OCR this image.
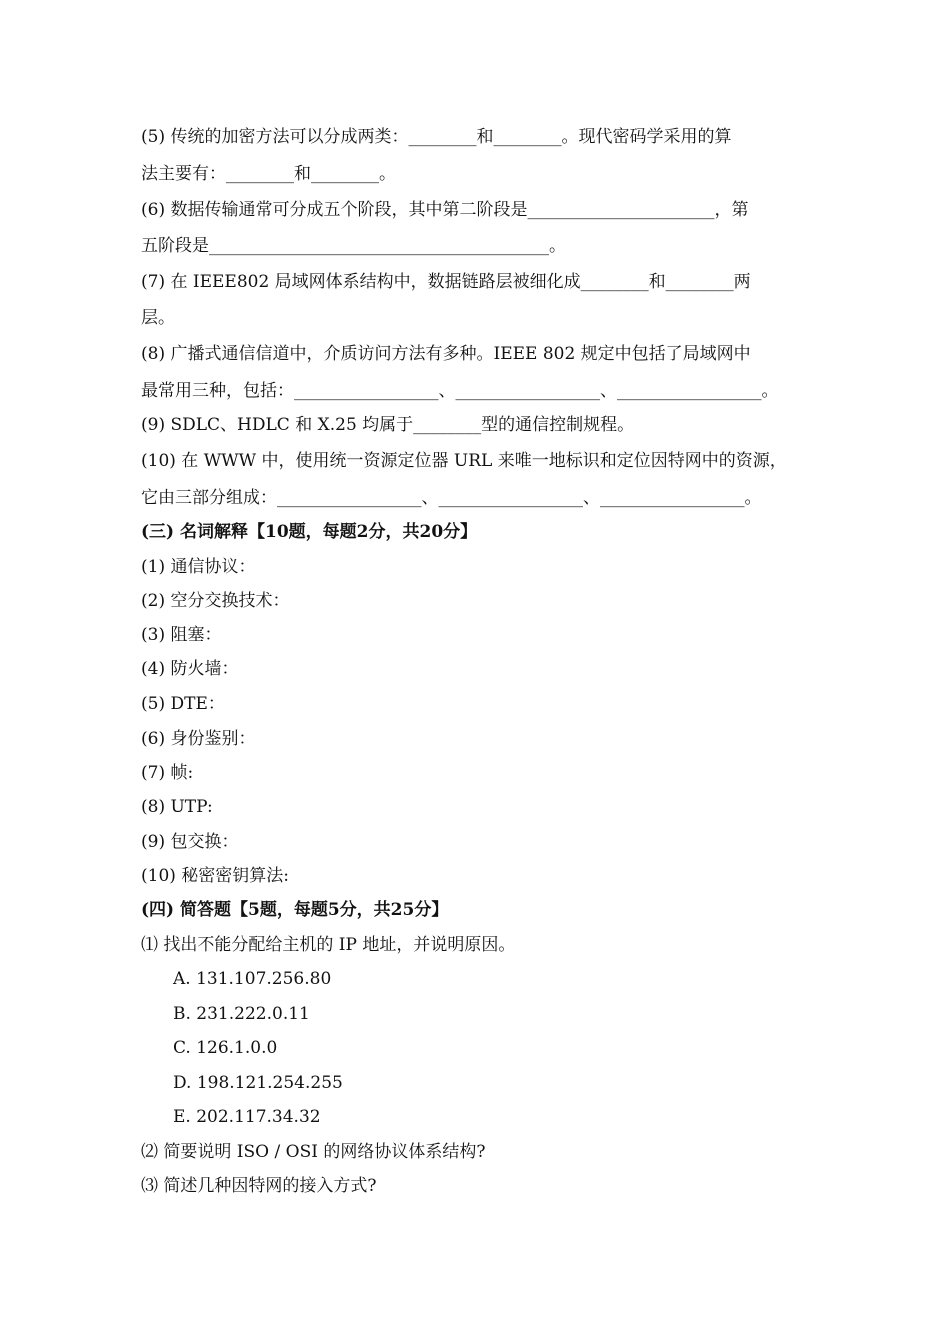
(5) 传统的加密方法可以分成两类：________和________。现代密码学采用的算

法主要有：________和________。

(6) 数据传输通常可分成五个阶段，其中第二阶段是______________________，第

五阶段是________________________________________。

(7) 在 IEEE802 局域网体系结构中，数据链路层被细化成________和________两

层。

(8) 广播式通信信道中，介质访问方法有多种。IEEE 802 规定中包括了局域网中

最常用三种，包括：_________________、_________________、_________________。

(9) SDLC、HDLC 和 X.25 均属于________型的通信控制规程。

(10) 在 WWW 中，使用统一资源定位器 URL 来唯一地标识和定位因特网中的资源，

它由三部分组成：_________________、_________________、_________________。

(三) 名词解释【10题，每题2分，共20分】

(1) 通信协议：

(2) 空分交换技术：

(3) 阻塞：

(4) 防火墙：

(5) DTE：

(6) 身份鉴别：

(7) 帧:

(8) UTP:

(9) 包交换：

(10) 秘密密钥算法:

(四) 简答题【5题，每题5分，共25分】

⑴ 找出不能分配给主机的 IP 地址，并说明原因。

A. 131.107.256.80

B. 231.222.0.11

C. 126.1.0.0

D. 198.121.254.255

E. 202.117.34.32

⑵ 简要说明 ISO / OSI 的网络协议体系结构?

⑶ 简述几种因特网的接入方式?
